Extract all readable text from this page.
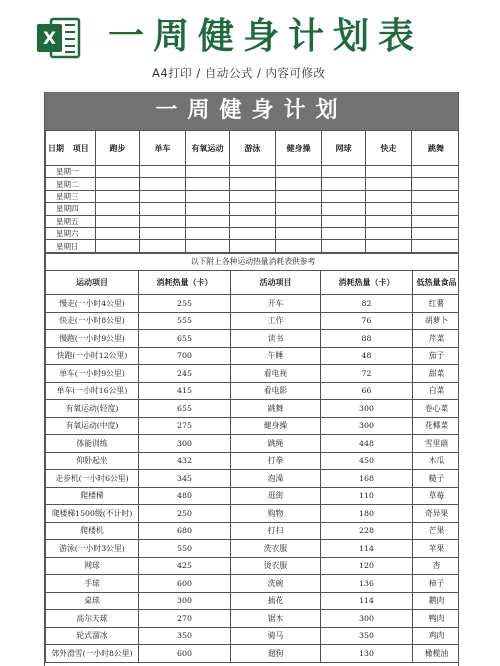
X 一周健身计划表
A4打印 / 自动公式 / 内容可修改
一周健身计划
日期 项目	跑步	单车	有氧运动	游泳	健身操	网球	快走	跳舞
星期一								
星期二								
星期三								
星期四								
星期五								
星期六								
星期日								
以下附上各种运动热量消耗表供参考				
运动项目	消耗热量（卡）	活动项目	消耗热量（卡）	低热量食品
慢走(一小时4公里)	255	开车	82	红薯
快走(一小时8公里)	555	工作	76	胡萝卜
慢跑(一小时9公里)	655	读书	88	芹菜
快跑(一小时12公里)	700	午睡	48	茄子
单车(一小时9公里)	245	看电视	72	甜菜
单车(一小时16公里)	415	看电影	66	白菜
有氧运动(轻度)	655	跳舞	300	卷心菜
有氧运动(中度)	275	健身操	300	花椰菜
体能训练	300	跳绳	448	雪里蕻
仰卧起坐	432	打拳	450	木瓜
走步机(一小时6公里)	345	泡澡	168	糙子
爬楼梯	480	逛街	110	草莓
爬楼梯1500级(不计时)	250	购物	180	奇异果
爬楼机	680	打扫	228	芒果
游泳(一小时3公里)	550	洗衣服	114	苹果
网球	425	烫衣服	120	杏
手球	600	洗碗	136	柿子
桌球	300	插花	114	鹅肉
高尔夫球	270	锯木	300	鸭肉
轮式溜冰	350	骑马	350	鸡肉
郊外滑雪(一小时8公里)	600	遛狗	130	橄榄油
